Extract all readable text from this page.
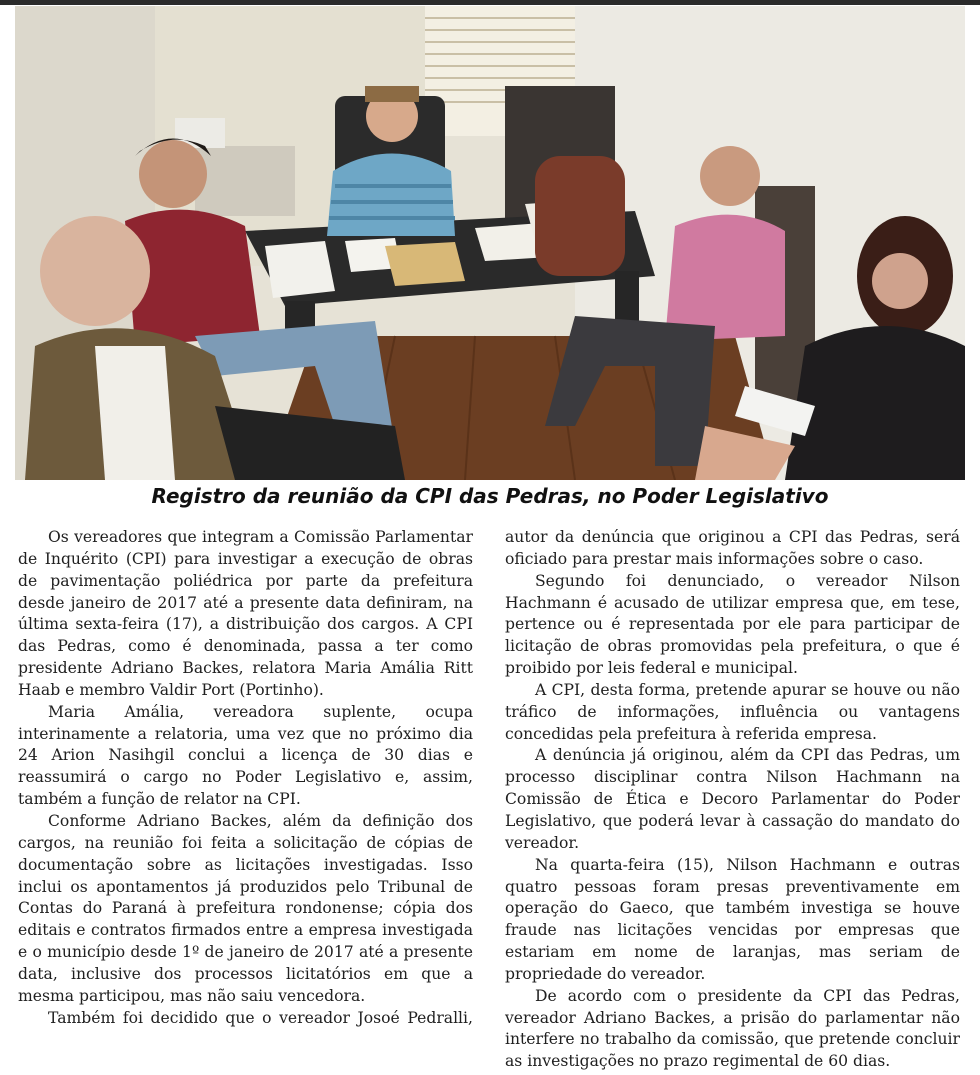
Registro da reunião da CPI das Pedras, no Poder Legislativo

Os vereadores que integram a Comissão Parlamentar de Inquérito (CPI) para investigar a execução de obras de pavimentação poliédrica por parte da prefeitura desde janeiro de 2017 até a presente data definiram, na última sexta-feira (17), a distribuição dos cargos. A CPI das Pedras, como é denominada, passa a ter como presidente Adriano Backes, relatora Maria Amália Ritt Haab e membro Valdir Port (Portinho).

Maria Amália, vereadora suplente, ocupa interinamente a relatoria, uma vez que no próximo dia 24 Arion Nasihgil conclui a licença de 30 dias e reassumirá o cargo no Poder Legislativo e, assim, também a função de relator na CPI.

Conforme Adriano Backes, além da definição dos cargos, na reunião foi feita a solicitação de cópias de documentação sobre as licitações investigadas. Isso inclui os apontamentos já produzidos pelo Tribunal de Contas do Paraná à prefeitura rondonense; cópia dos editais e contratos firmados entre a empresa investigada e o município desde 1º de janeiro de 2017 até a presente data, inclusive dos processos licitatórios em que a mesma participou, mas não saiu vencedora.

Também foi decidido que o vereador Josoé Pedralli,

autor da denúncia que originou a CPI das Pedras, será oficiado para prestar mais informações sobre o caso.

Segundo foi denunciado, o vereador Nilson Hachmann é acusado de utilizar empresa que, em tese, pertence ou é representada por ele para participar de licitação de obras promovidas pela prefeitura, o que é proibido por leis federal e municipal.

A CPI, desta forma, pretende apurar se houve ou não tráfico de informações, influência ou vantagens concedidas pela prefeitura à referida empresa.

A denúncia já originou, além da CPI das Pedras, um processo disciplinar contra Nilson Hachmann na Comissão de Ética e Decoro Parlamentar do Poder Legislativo, que poderá levar à cassação do mandato do vereador.

Na quarta-feira (15), Nilson Hachmann e outras quatro pessoas foram presas preventivamente em operação do Gaeco, que também investiga se houve fraude nas licitações vencidas por empresas que estariam em nome de laranjas, mas seriam de propriedade do vereador.

De acordo com o presidente da CPI das Pedras, vereador Adriano Backes, a prisão do parlamentar não interfere no trabalho da comissão, que pretende concluir as investigações no prazo regimental de 60 dias.
